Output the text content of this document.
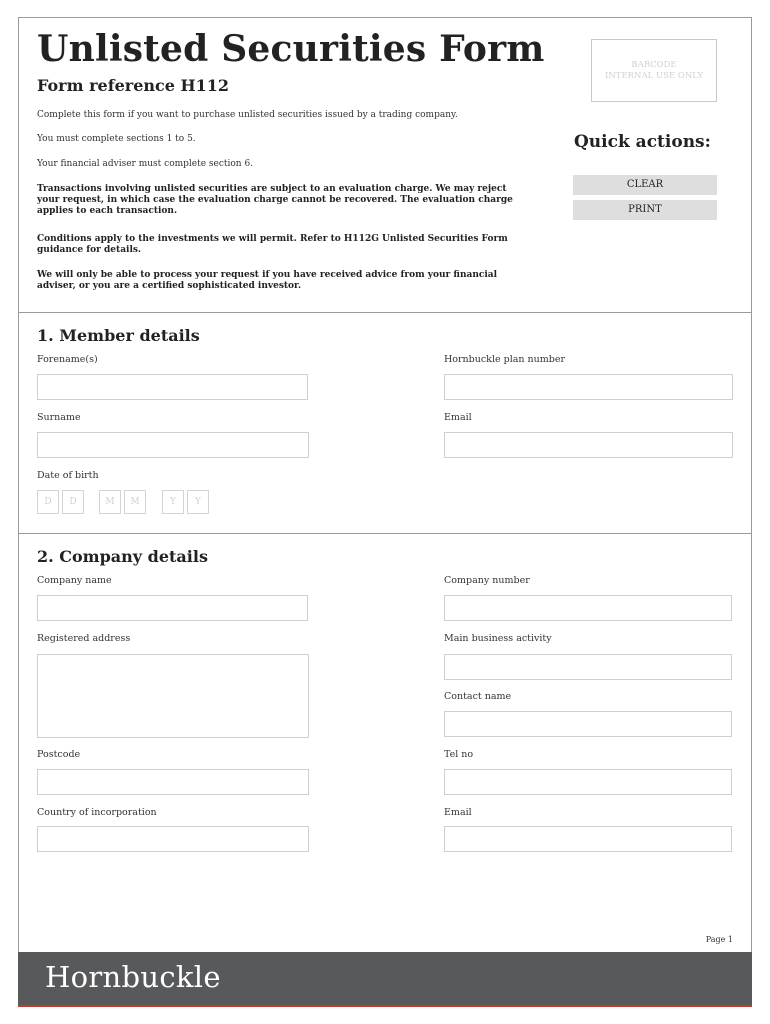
Unlisted Securities Form
Form reference H112
Complete this form if you want to purchase unlisted securities issued by a trading company.
You must complete sections 1 to 5.
Your financial adviser must complete section 6.
Transactions involving unlisted securities are subject to an evaluation charge. We may reject your request, in which case the evaluation charge cannot be recovered. The evaluation charge applies to each transaction.
Conditions apply to the investments we will permit. Refer to H112G Unlisted Securities Form guidance for details.
We will only be able to process your request if you have received advice from your financial adviser, or you are a certified sophisticated investor.
BARCODE
INTERNAL USE ONLY
Quick actions:
CLEAR
PRINT
1. Member details
Forename(s)	Hornbuckle plan number
Surname	Email
Date of birth
D	D	M	M	Y	Y
2. Company details
Company name	Company number
Registered address	Main business activity
Contact name
Postcode	Tel no
Country of incorporation	Email
Page 1
Hornbuckle
